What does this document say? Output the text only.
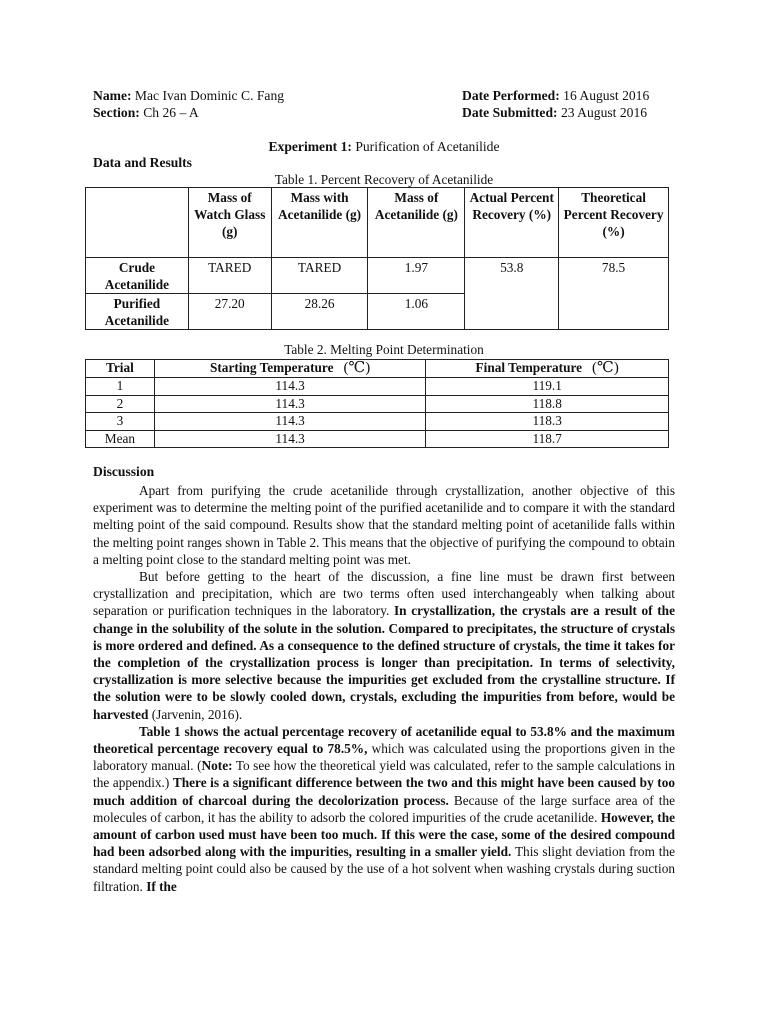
Name: Mac Ivan Dominic C. Fang	Date Performed: 16 August 2016
Section: Ch 26 – A	Date Submitted: 23 August 2016
Experiment 1: Purification of Acetanilide
Data and Results
Table 1. Percent Recovery of Acetanilide
	Mass of Watch Glass (g)	Mass with Acetanilide (g)	Mass of Acetanilide (g)	Actual Percent Recovery (%)	Theoretical Percent Recovery (%)
Crude Acetanilide	TARED	TARED	1.97	53.8	78.5
Purified Acetanilide	27.20	28.26	1.06		
Table 2. Melting Point Determination
Trial	Starting Temperature (℃)	Final Temperature (℃)
1	114.3	119.1
2	114.3	118.8
3	114.3	118.3
Mean	114.3	118.7
Discussion

Apart from purifying the crude acetanilide through crystallization, another objective of this experiment was to determine the melting point of the purified acetanilide and to compare it with the standard melting point of the said compound. Results show that the standard melting point of acetanilide falls within the melting point ranges shown in Table 2. This means that the objective of purifying the compound to obtain a melting point close to the standard melting point was met.

But before getting to the heart of the discussion, a fine line must be drawn first between crystallization and precipitation, which are two terms often used interchangeably when talking about separation or purification techniques in the laboratory. In crystallization, the crystals are a result of the change in the solubility of the solute in the solution. Compared to precipitates, the structure of crystals is more ordered and defined. As a consequence to the defined structure of crystals, the time it takes for the completion of the crystallization process is longer than precipitation. In terms of selectivity, crystallization is more selective because the impurities get excluded from the crystalline structure. If the solution were to be slowly cooled down, crystals, excluding the impurities from before, would be harvested (Jarvenin, 2016).

Table 1 shows the actual percentage recovery of acetanilide equal to 53.8% and the maximum theoretical percentage recovery equal to 78.5%, which was calculated using the proportions given in the laboratory manual. (Note: To see how the theoretical yield was calculated, refer to the sample calculations in the appendix.) There is a significant difference between the two and this might have been caused by too much addition of charcoal during the decolorization process. Because of the large surface area of the molecules of carbon, it has the ability to adsorb the colored impurities of the crude acetanilide. However, the amount of carbon used must have been too much. If this were the case, some of the desired compound had been adsorbed along with the impurities, resulting in a smaller yield. This slight deviation from the standard melting point could also be caused by the use of a hot solvent when washing crystals during suction filtration. If the
